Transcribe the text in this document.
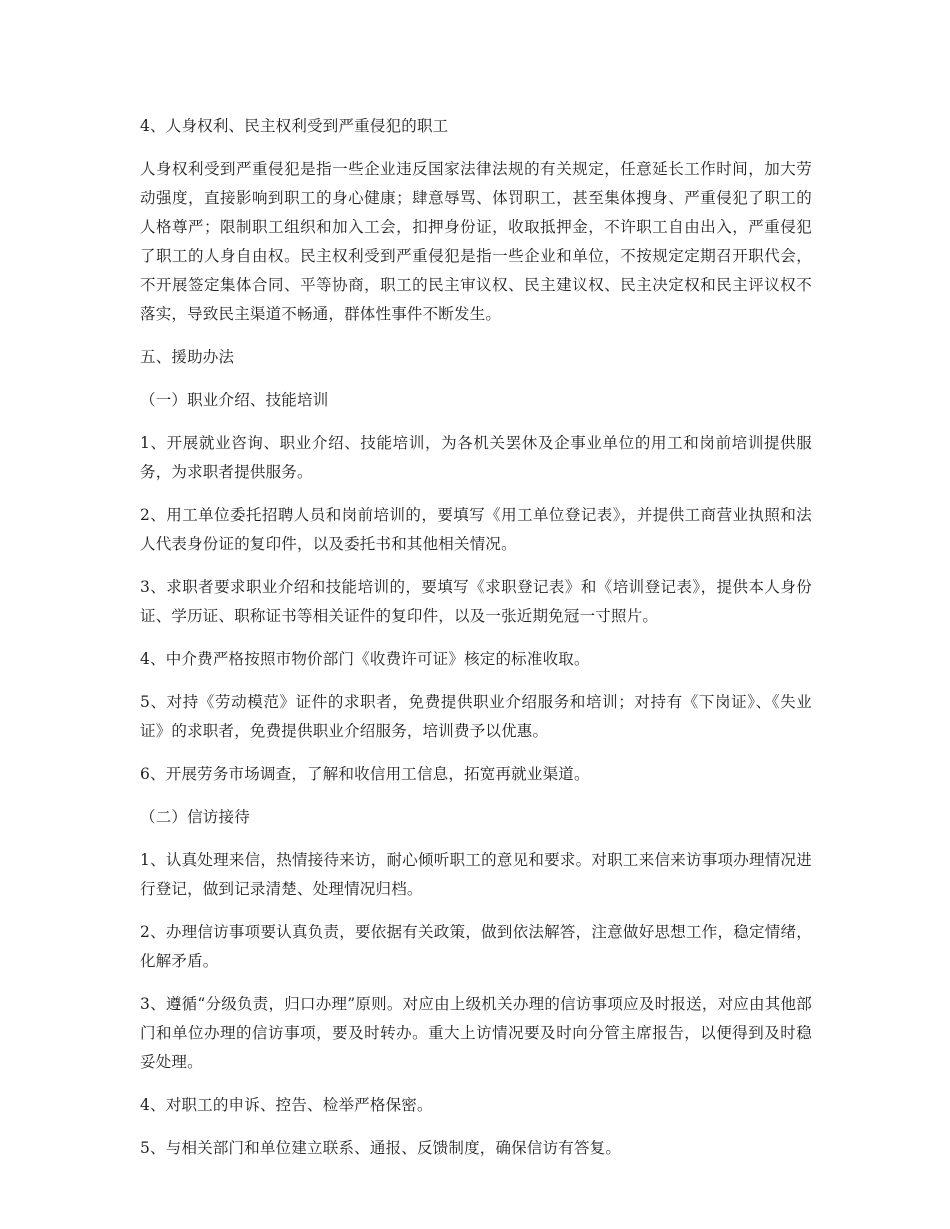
4、人身权利、民主权利受到严重侵犯的职工

人身权利受到严重侵犯是指一些企业违反国家法律法规的有关规定，任意延长工作时间，加大劳动强度，直接影响到职工的身心健康；肆意辱骂、体罚职工，甚至集体搜身、严重侵犯了职工的人格尊严；限制职工组织和加入工会，扣押身份证，收取抵押金，不许职工自由出入，严重侵犯了职工的人身自由权。民主权利受到严重侵犯是指一些企业和单位，不按规定定期召开职代会，不开展签定集体合同、平等协商，职工的民主审议权、民主建议权、民主决定权和民主评议权不落实，导致民主渠道不畅通，群体性事件不断发生。

五、援助办法

（一）职业介绍、技能培训

1、开展就业咨询、职业介绍、技能培训，为各机关罢休及企事业单位的用工和岗前培训提供服务，为求职者提供服务。

2、用工单位委托招聘人员和岗前培训的，要填写《用工单位登记表》，并提供工商营业执照和法人代表身份证的复印件，以及委托书和其他相关情况。

3、求职者要求职业介绍和技能培训的，要填写《求职登记表》和《培训登记表》，提供本人身份证、学历证、职称证书等相关证件的复印件，以及一张近期免冠一寸照片。

4、中介费严格按照市物价部门《收费许可证》核定的标准收取。

5、对持《劳动模范》证件的求职者，免费提供职业介绍服务和培训；对持有《下岗证》、《失业证》的求职者，免费提供职业介绍服务，培训费予以优惠。

6、开展劳务市场调查，了解和收信用工信息，拓宽再就业渠道。

（二）信访接待

1、认真处理来信，热情接待来访，耐心倾听职工的意见和要求。对职工来信来访事项办理情况进行登记，做到记录清楚、处理情况归档。

2、办理信访事项要认真负责，要依据有关政策，做到依法解答，注意做好思想工作，稳定情绪，化解矛盾。

3、遵循“分级负责，归口办理”原则。对应由上级机关办理的信访事项应及时报送，对应由其他部门和单位办理的信访事项，要及时转办。重大上访情况要及时向分管主席报告，以便得到及时稳妥处理。

4、对职工的申诉、控告、检举严格保密。

5、与相关部门和单位建立联系、通报、反馈制度，确保信访有答复。
